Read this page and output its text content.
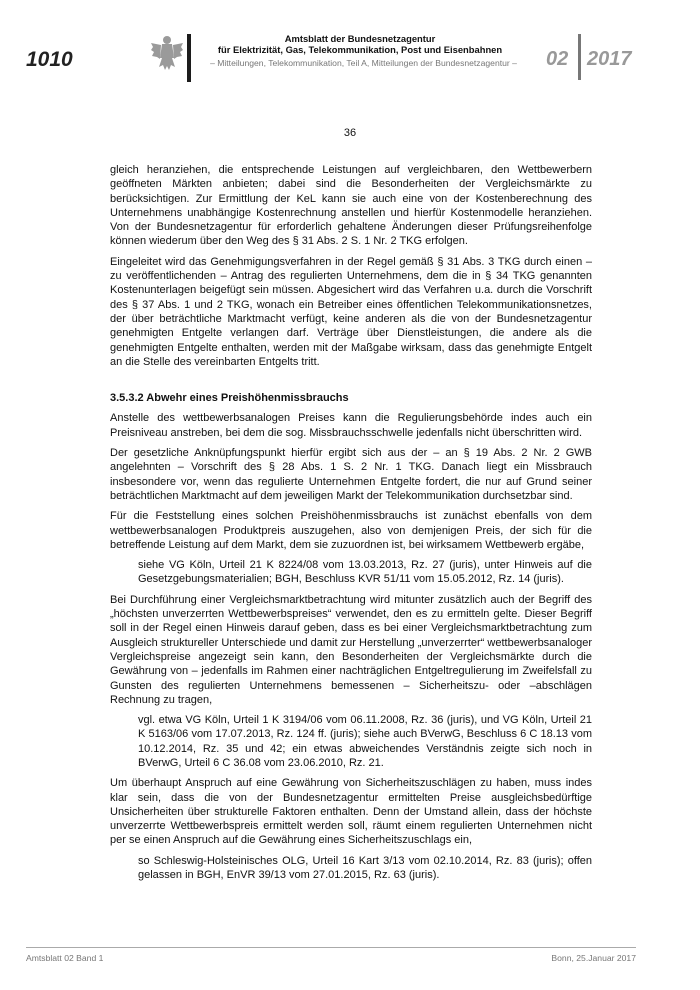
1010
Amtsblatt der Bundesnetzagentur
für Elektrizität, Gas, Telekommunikation, Post und Eisenbahnen
– Mitteilungen, Telekommunikation, Teil A, Mitteilungen der Bundesnetzagentur –	02 2017
36

gleich heranziehen, die entsprechende Leistungen auf vergleichbaren, den Wettbewerbern geöffneten Märkten anbieten; dabei sind die Besonderheiten der Vergleichsmärkte zu berücksichtigen. Zur Ermittlung der KeL kann sie auch eine von der Kostenberechnung des Unternehmens unabhängige Kostenrechnung anstellen und hierfür Kostenmodelle heranziehen. Von der Bundesnetzagentur für erforderlich gehaltene Änderungen dieser Prüfungsreihenfolge können wiederum über den Weg des § 31 Abs. 2 S. 1 Nr. 2 TKG erfolgen.

Eingeleitet wird das Genehmigungsverfahren in der Regel gemäß § 31 Abs. 3 TKG durch einen – zu veröffentlichenden – Antrag des regulierten Unternehmens, dem die in § 34 TKG genannten Kostenunterlagen beigefügt sein müssen. Abgesichert wird das Verfahren u.a. durch die Vorschrift des § 37 Abs. 1 und 2 TKG, wonach ein Betreiber eines öffentlichen Telekommunikationsnetzes, der über beträchtliche Marktmacht verfügt, keine anderen als die von der Bundesnetzagentur genehmigten Entgelte verlangen darf. Verträge über Dienstleistungen, die andere als die genehmigten Entgelte enthalten, werden mit der Maßgabe wirksam, dass das genehmigte Entgelt an die Stelle des vereinbarten Entgelts tritt.

3.5.3.2 Abwehr eines Preishöhenmissbrauchs

Anstelle des wettbewerbsanalogen Preises kann die Regulierungsbehörde indes auch ein Preisniveau anstreben, bei dem die sog. Missbrauchsschwelle jedenfalls nicht überschritten wird.

Der gesetzliche Anknüpfungspunkt hierfür ergibt sich aus der – an § 19 Abs. 2 Nr. 2 GWB angelehnten – Vorschrift des § 28 Abs. 1 S. 2 Nr. 1 TKG. Danach liegt ein Missbrauch insbesondere vor, wenn das regulierte Unternehmen Entgelte fordert, die nur auf Grund seiner beträchtlichen Marktmacht auf dem jeweiligen Markt der Telekommunikation durchsetzbar sind.

Für die Feststellung eines solchen Preishöhenmissbrauchs ist zunächst ebenfalls von dem wettbewerbsanalogen Produktpreis auszugehen, also von demjenigen Preis, der sich für die betreffende Leistung auf dem Markt, dem sie zuzuordnen ist, bei wirksamem Wettbewerb ergäbe,

siehe VG Köln, Urteil 21 K 8224/08 vom 13.03.2013, Rz. 27 (juris), unter Hinweis auf die Gesetzgebungsmaterialien; BGH, Beschluss KVR 51/11 vom 15.05.2012, Rz. 14 (juris).

Bei Durchführung einer Vergleichsmarktbetrachtung wird mitunter zusätzlich auch der Begriff des „höchsten unverzerrten Wettbewerbspreises“ verwendet, den es zu ermitteln gelte. Dieser Begriff soll in der Regel einen Hinweis darauf geben, dass es bei einer Vergleichsmarktbetrachtung zum Ausgleich struktureller Unterschiede und damit zur Herstellung „unverzerrter“ wettbewerbsanaloger Vergleichspreise angezeigt sein kann, den Besonderheiten der Vergleichsmärkte durch die Gewährung von – jedenfalls im Rahmen einer nachträglichen Entgeltregulierung im Zweifelsfall zu Gunsten des regulierten Unternehmens bemessenen – Sicherheitszu- oder –abschlägen Rechnung zu tragen,

vgl. etwa VG Köln, Urteil 1 K 3194/06 vom 06.11.2008, Rz. 36 (juris), und VG Köln, Urteil 21 K 5163/06 vom 17.07.2013, Rz. 124 ff. (juris); siehe auch BVerwG, Beschluss 6 C 18.13 vom 10.12.2014, Rz. 35 und 42; ein etwas abweichendes Verständnis zeigte sich noch in BVerwG, Urteil 6 C 36.08 vom 23.06.2010, Rz. 21.

Um überhaupt Anspruch auf eine Gewährung von Sicherheitszuschlägen zu haben, muss indes klar sein, dass die von der Bundesnetzagentur ermittelten Preise ausgleichsbedürftige Unsicherheiten über strukturelle Faktoren enthalten. Denn der Umstand allein, dass der höchste unverzerrte Wettbewerbspreis ermittelt werden soll, räumt einem regulierten Unternehmen nicht per se einen Anspruch auf die Gewährung eines Sicherheitszuschlags ein,

so Schleswig-Holsteinisches OLG, Urteil 16 Kart 3/13 vom 02.10.2014, Rz. 83 (juris); offen gelassen in BGH, EnVR 39/13 vom 27.01.2015, Rz. 63 (juris).

Amtsblatt 02 Band 1	Bonn, 25.Januar 2017
